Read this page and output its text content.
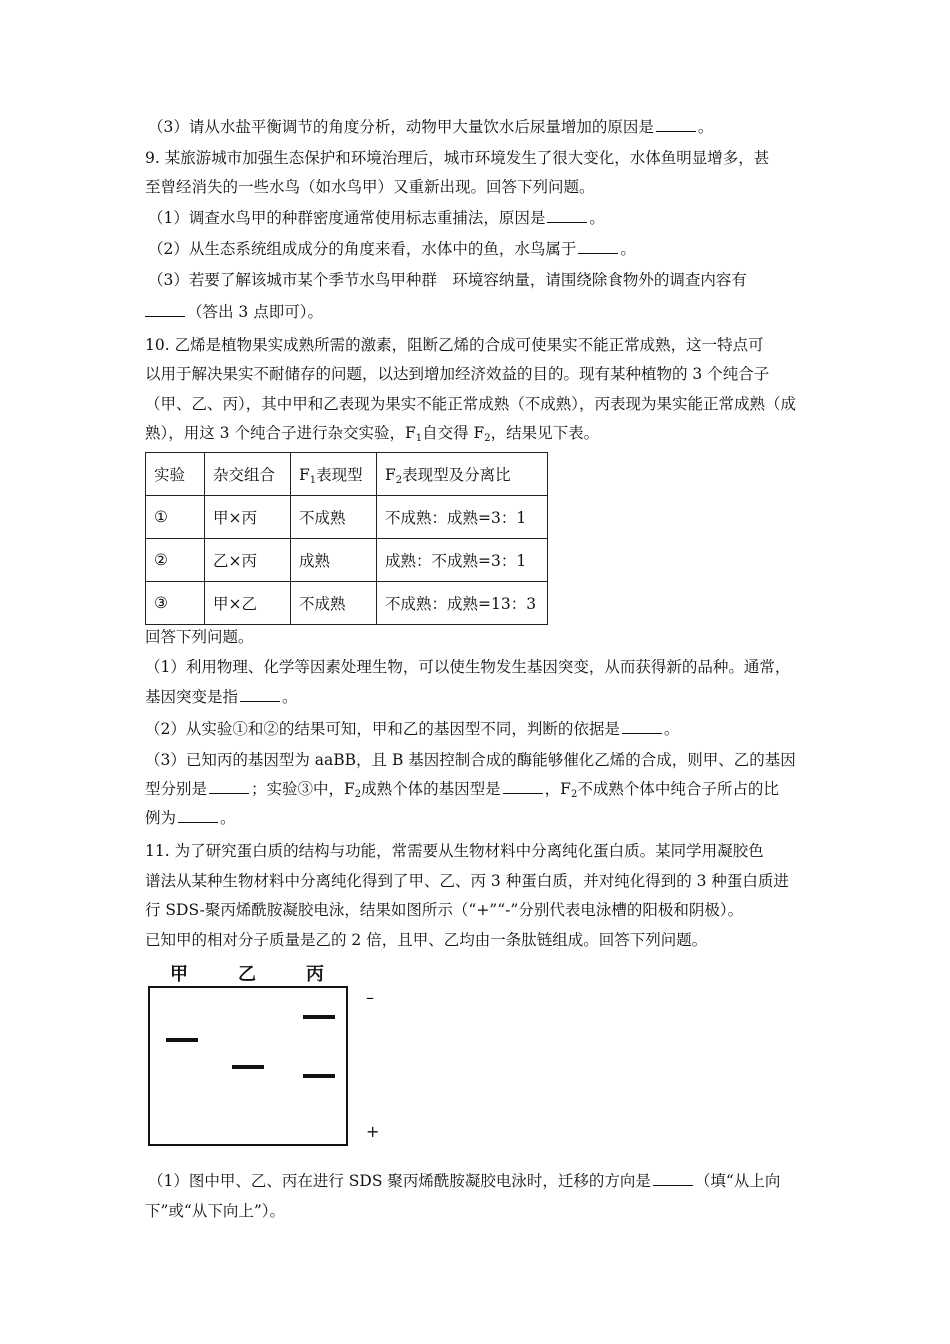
（3）请从水盐平衡调节的角度分析，动物甲大量饮水后尿量增加的原因是	。
9. 某旅游城市加强生态保护和环境治理后，城市环境发生了很大变化，水体鱼明显增多，甚
至曾经消失的一些水鸟（如水鸟甲）又重新出现。回答下列问题。
（1）调查水鸟甲的种群密度通常使用标志重捕法，原因是	。
（2）从生态系统组成成分的角度来看，水体中的鱼，水鸟属于	。
（3）若要了解该城市某个季节水鸟甲种群　环境容纳量，请围绕除食物外的调查内容有
（答出 3 点即可）。
10. 乙烯是植物果实成熟所需的激素，阻断乙烯的合成可使果实不能正常成熟，这一特点可
以用于解决果实不耐储存的问题，以达到增加经济效益的目的。现有某种植物的 3 个纯合子
（甲、乙、丙），其中甲和乙表现为果实不能正常成熟（不成熟），丙表现为果实能正常成熟（成
熟），用这 3 个纯合子进行杂交实验，$F_1$自交得 $F_2$，结果见下表。
实验	杂交组合	$F_1$表现型	$F_2$表现型及分离比
①	甲×丙	不成熟	不成熟：成熟=3：1
②	乙×丙	成熟	成熟：不成熟=3：1
③	甲×乙	不成熟	不成熟：成熟=13：3
回答下列问题。
（1）利用物理、化学等因素处理生物，可以使生物发生基因突变，从而获得新的品种。通常，
基因突变是指	。
（2）从实验①和②的结果可知，甲和乙的基因型不同，判断的依据是	。
（3）已知丙的基因型为 aaBB，且 B 基因控制合成的酶能够催化乙烯的合成，则甲、乙的基因
型分别是	；实验③中，$F_2$成熟个体的基因型是	，$F_2$不成熟个体中纯合子所占的比
例为	。
11. 为了研究蛋白质的结构与功能，常需要从生物材料中分离纯化蛋白质。某同学用凝胶色
谱法从某种生物材料中分离纯化得到了甲、乙、丙 3 种蛋白质，并对纯化得到的 3 种蛋白质进
行 SDS-聚丙烯酰胺凝胶电泳，结果如图所示（“+”“-”分别代表电泳槽的阳极和阴极）。
已知甲的相对分子质量是乙的 2 倍，且甲、乙均由一条肽链组成。回答下列问题。
甲	乙	丙
–
+
（1）图中甲、乙、丙在进行 SDS 聚丙烯酰胺凝胶电泳时，迁移的方向是	（填“从上向
下”或“从下向上”）。
